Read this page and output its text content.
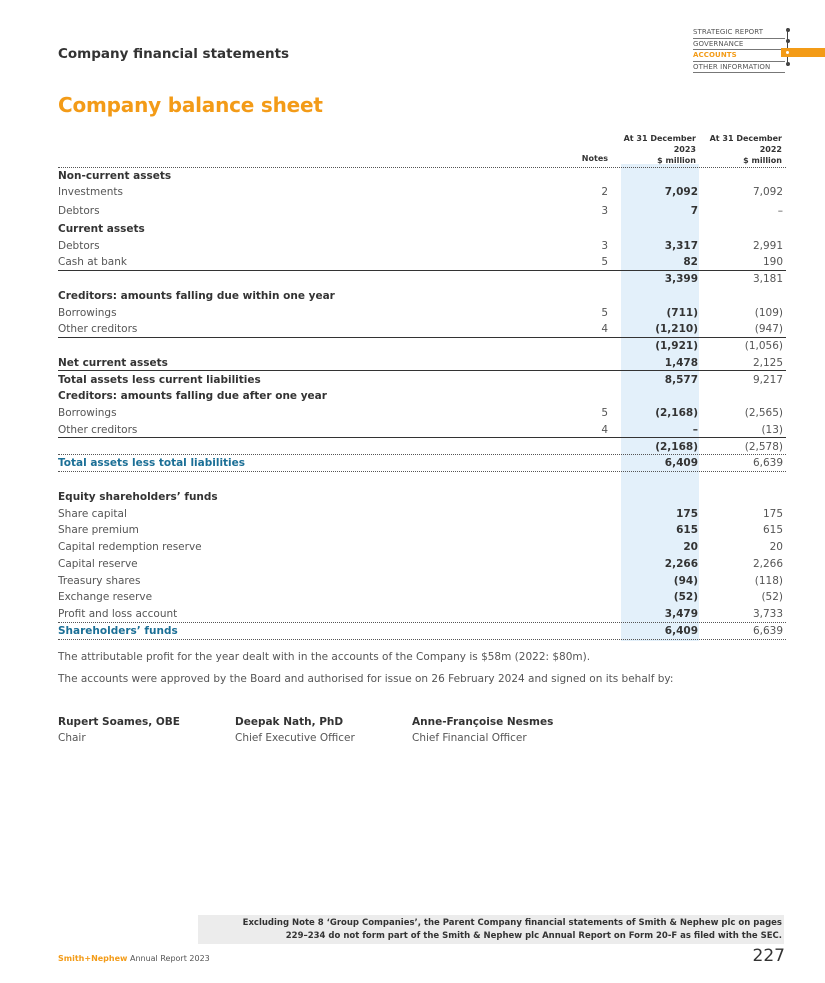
Company financial statements
STRATEGIC REPORT
GOVERNANCE
ACCOUNTS
OTHER INFORMATION
Company balance sheet
Notes
At 31 December
2023
$ million
At 31 December
2022
$ million
Non-current assets
Investments	2	7,092	7,092
Debtors	3	7	–
Current assets
Debtors	3	3,317	2,991
Cash at bank	5	82	190
3,399	3,181
Creditors: amounts falling due within one year
Borrowings	5	(711)	(109)
Other creditors	4	(1,210)	(947)
(1,921)	(1,056)
Net current assets	1,478	2,125
Total assets less current liabilities	8,577	9,217
Creditors: amounts falling due after one year
Borrowings	5	(2,168)	(2,565)
Other creditors	4	–	(13)
(2,168)	(2,578)
Total assets less total liabilities	6,409	6,639
Equity shareholders’ funds
Share capital	175	175
Share premium	615	615
Capital redemption reserve	20	20
Capital reserve	2,266	2,266
Treasury shares	(94)	(118)
Exchange reserve	(52)	(52)
Profit and loss account	3,479	3,733
Shareholders’ funds	6,409	6,639
The attributable profit for the year dealt with in the accounts of the Company is $58m (2022: $80m).
The accounts were approved by the Board and authorised for issue on 26 February 2024 and signed on its behalf by:
Rupert Soames, OBE
Chair
Deepak Nath, PhD
Chief Executive Officer
Anne-Françoise Nesmes
Chief Financial Officer
Excluding Note 8 ‘Group Companies’, the Parent Company financial statements of Smith & Nephew plc on pages
229–234 do not form part of the Smith & Nephew plc Annual Report on Form 20-F as filed with the SEC.
Smith+Nephew Annual Report 2023	227
